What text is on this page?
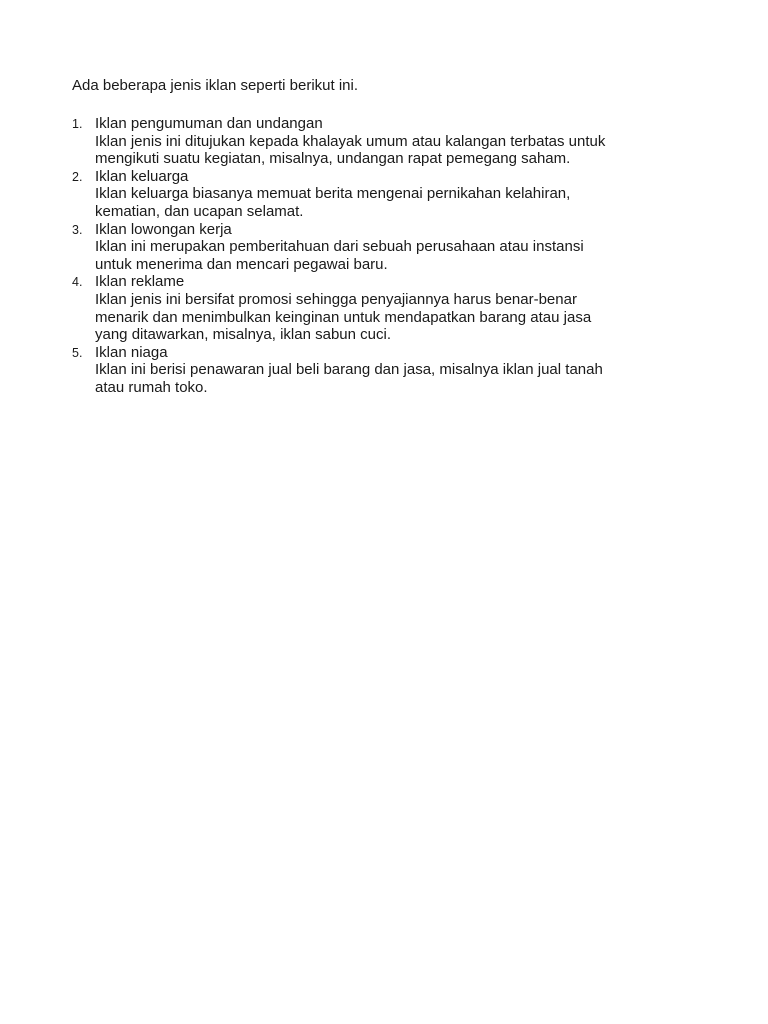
Ada beberapa jenis iklan seperti berikut ini.

1. Iklan pengumuman dan undangan
Iklan jenis ini ditujukan kepada khalayak umum atau kalangan terbatas untuk
mengikuti suatu kegiatan, misalnya, undangan rapat pemegang saham.
2. Iklan keluarga
Iklan keluarga biasanya memuat berita mengenai pernikahan kelahiran,
kematian, dan ucapan selamat.
3. Iklan lowongan kerja
Iklan ini merupakan pemberitahuan dari sebuah perusahaan atau instansi
untuk menerima dan mencari pegawai baru.
4. Iklan reklame
Iklan jenis ini bersifat promosi sehingga penyajiannya harus benar-benar
menarik dan menimbulkan keinginan untuk mendapatkan barang atau jasa
yang ditawarkan, misalnya, iklan sabun cuci.
5. Iklan niaga
Iklan ini berisi penawaran jual beli barang dan jasa, misalnya iklan jual tanah
atau rumah toko.
